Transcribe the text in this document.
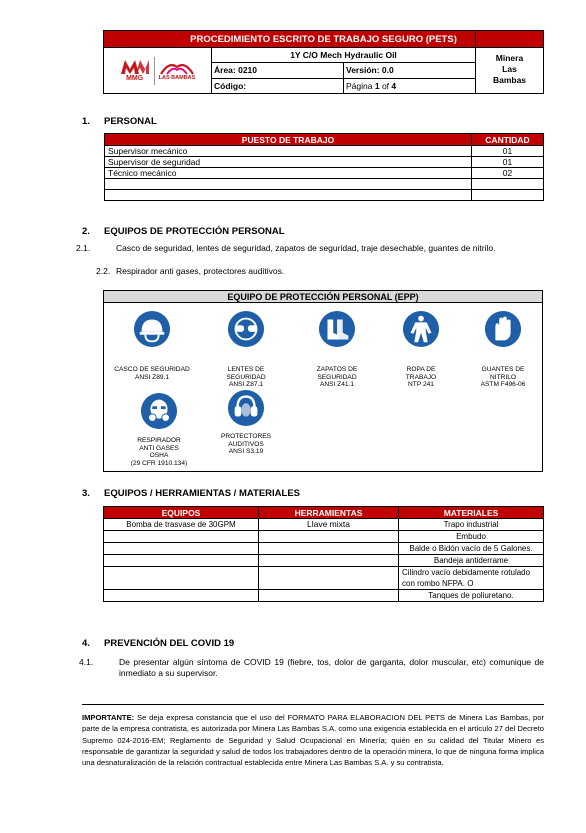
PROCEDIMIENTO ESCRITO DE TRABAJO SEGURO (PETS)
MMG	LAS BAMBAS
1Y C/O Mech Hydraulic Oil
Área: 0210	Versión: 0.0
Código:	Página 1 of 4
Minera Las Bambas
1. PERSONAL
PUESTO DE TRABAJO	CANTIDAD
Supervisor mecánico	01
Supervisor de seguridad	01
Técnico mecánico	02

2. EQUIPOS DE PROTECCIÓN PERSONAL
2.1.	Casco de seguridad, lentes de seguridad, zapatos de seguridad, traje desechable, guantes de nitrilo.
2.2. Respirador anti gases, protectores auditivos.
EQUIPO DE PROTECCIÓN PERSONAL (EPP)
CASCO DE SEGURIDAD
ANSI Z89.1
LENTES DE
SEGURIDAD
ANSI Z87.1
ZAPATOS DE
SEGURIDAD
ANSI Z41.1
ROPA DE
TRABAJO
NTP 241
GUANTES DE
NITRILO
ASTM F496-06
RESPIRADOR
ANTI GASES
OSHA
(29 CFR 1910.134)
PROTECTORES
AUDITIVOS
ANSI S3.19
3. EQUIPOS / HERRAMIENTAS / MATERIALES
EQUIPOS	HERRAMIENTAS	MATERIALES
Bomba de trasvase de 30GPM	Llave mixta	Trapo industrial
		Embudo
		Balde o Bidón vacío de 5 Galones.
		Bandeja antiderrame
		Cilindro vacío debidamente rotulado con rombo NFPA. O
		Tanques de poliuretano.
4. PREVENCIÓN DEL COVID 19
4.1.	De presentar algún síntoma de COVID 19 (fiebre, tos, dolor de garganta, dolor muscular, etc) comunique de inmediato a su supervisor.
IMPORTANTE: Se deja expresa constancia que el uso del FORMATO PARA ELABORACION DEL PETS de Minera Las Bambas, por parte de la empresa contratista, es autorizada por Minera Las Bambas S.A. como una exigencia establecida en el artículo 27 del Decreto Supremo 024-2016-EM; Reglamento de Seguridad y Salud Ocupacional en Minería; quién en su calidad del Titular Minero es responsable de garantizar la seguridad y salud de todos los trabajadores dentro de la operación minera, lo que de ninguna forma implica una desnaturalización de la relación contractual establecida entre Minera Las Bambas S.A. y su contratista.
